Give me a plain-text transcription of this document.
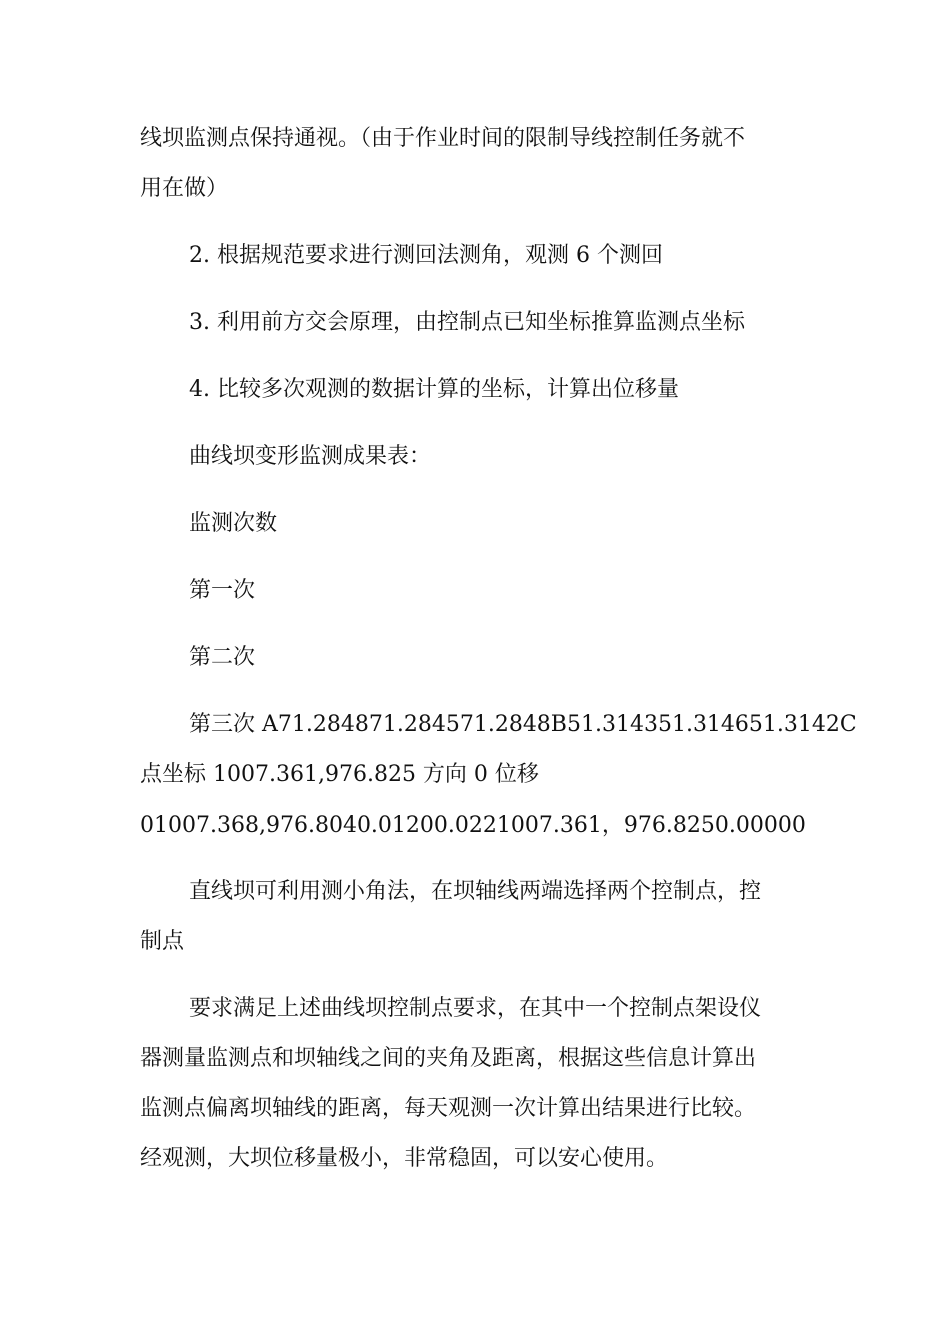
线坝监测点保持通视。（由于作业时间的限制导线控制任务就不
用在做）
2. 根据规范要求进行测回法测角，观测 6 个测回
3. 利用前方交会原理，由控制点已知坐标推算监测点坐标
4. 比较多次观测的数据计算的坐标，计算出位移量
曲线坝变形监测成果表：
监测次数
第一次
第二次
第三次 A71.284871.284571.2848B51.314351.314651.3142C
点坐标 1007.361,976.825 方向 0 位移
01007.368,976.8040.01200.0221007.361，976.8250.00000
直线坝可利用测小角法，在坝轴线两端选择两个控制点，控
制点
要求满足上述曲线坝控制点要求，在其中一个控制点架设仪
器测量监测点和坝轴线之间的夹角及距离，根据这些信息计算出
监测点偏离坝轴线的距离，每天观测一次计算出结果进行比较。
经观测，大坝位移量极小，非常稳固，可以安心使用。
